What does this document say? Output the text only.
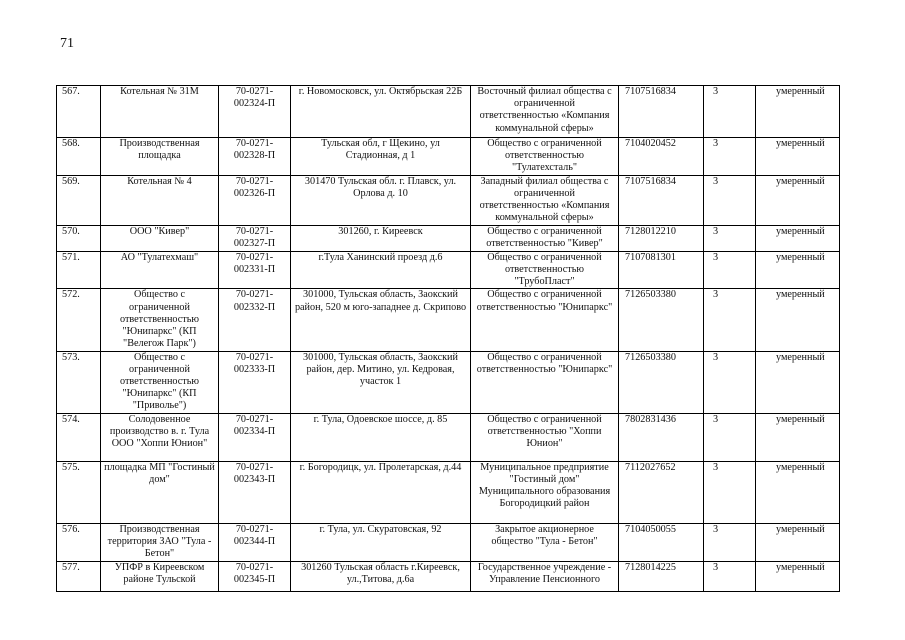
71
567.	Котельная № 31М	70-0271-002324-П	г. Новомосковск, ул. Октябрьская 22Б	Восточный филиал общества с ограниченной ответственностью «Компания коммунальной сферы»	7107516834	3	умеренный
568.	Производственная площадка	70-0271-002328-П	Тульская обл, г Щекино, ул Стадионная, д 1	Общество с ограниченной ответственностью "Тулатехсталь"	7104020452	3	умеренный
569.	Котельная № 4	70-0271-002326-П	301470 Тульская обл. г. Плавск, ул. Орлова д. 10	Западный филиал общества с ограниченной ответственностью «Компания коммунальной сферы»	7107516834	3	умеренный
570.	ООО "Кивер"	70-0271-002327-П	301260, г. Киреевск	Общество с ограниченной ответственностью "Кивер"	7128012210	3	умеренный
571.	АО "Тулатехмаш"	70-0271-002331-П	г.Тула Ханинский проезд д.6	Общество с ограниченной ответственностью "ТрубоПласт"	7107081301	3	умеренный
572.	Общество с ограниченной ответственностью "Юнипаркс" (КП "Велегож Парк")	70-0271-002332-П	301000, Тульская область, Заокский район, 520 м юго-западнее д. Скрипово	Общество с ограниченной ответственностью "Юнипаркс"	7126503380	3	умеренный
573.	Общество с ограниченной ответственностью "Юнипаркс" (КП "Приволье")	70-0271-002333-П	301000, Тульская область, Заокский район, дер. Митино, ул. Кедровая, участок 1	Общество с ограниченной ответственностью "Юнипаркс"	7126503380	3	умеренный
574.	Солодовенное производство в. г. Тула ООО "Хоппи Юнион"	70-0271-002334-П	г. Тула, Одоевское шоссе, д. 85	Общество с ограниченной ответственностью "Хоппи Юнион"	7802831436	3	умеренный
575.	площадка МП "Гостиный дом"	70-0271-002343-П	г. Богородицк, ул. Пролетарская, д.44	Муниципальное предприятие "Гостиный дом" Муниципального образования Богородицкий район	7112027652	3	умеренный
576.	Производственная территория ЗАО "Тула - Бетон"	70-0271-002344-П	г. Тула, ул. Скуратовская, 92	Закрытое акционерное общество "Тула - Бетон"	7104050055	3	умеренный
577.	УПФР в Киреевском районе Тульской	70-0271-002345-П	301260 Тульская область г.Киреевск, ул.,Титова, д.6а	Государственное учреждение - Управление Пенсионного	7128014225	3	умеренный
